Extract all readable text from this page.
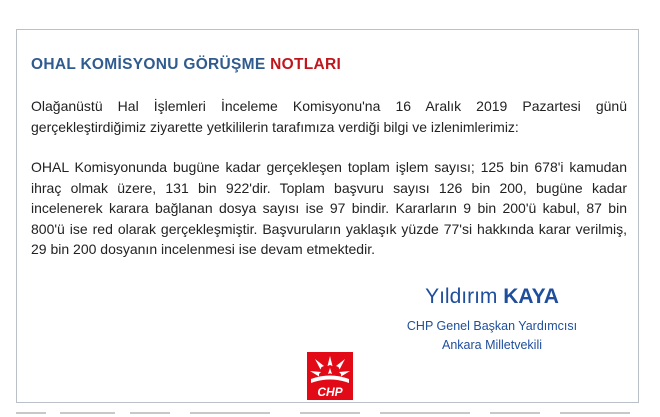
OHAL KOMİSYONU GÖRÜŞME NOTLARI
Olağanüstü Hal İşlemleri İnceleme Komisyonu'na 16 Aralık 2019 Pazartesi günü gerçekleştirdiğimiz ziyarette yetkililerin tarafımıza verdiği bilgi ve izlenimlerimiz:
OHAL Komisyonunda bugüne kadar gerçekleşen toplam işlem sayısı; 125 bin 678'i kamudan ihraç olmak üzere, 131 bin 922'dir. Toplam başvuru sayısı 126 bin 200, bugüne kadar incelenerek karara bağlanan dosya sayısı ise 97 bindir. Kararların 9 bin 200'ü kabul, 87 bin 800'ü ise red olarak gerçekleşmiştir. Başvuruların yaklaşık yüzde 77'si hakkında karar verilmiş, 29 bin 200 dosyanın incelenmesi ise devam etmektedir.
Yıldırım KAYA
CHP Genel Başkan Yardımcısı
Ankara Milletvekili
CHP
